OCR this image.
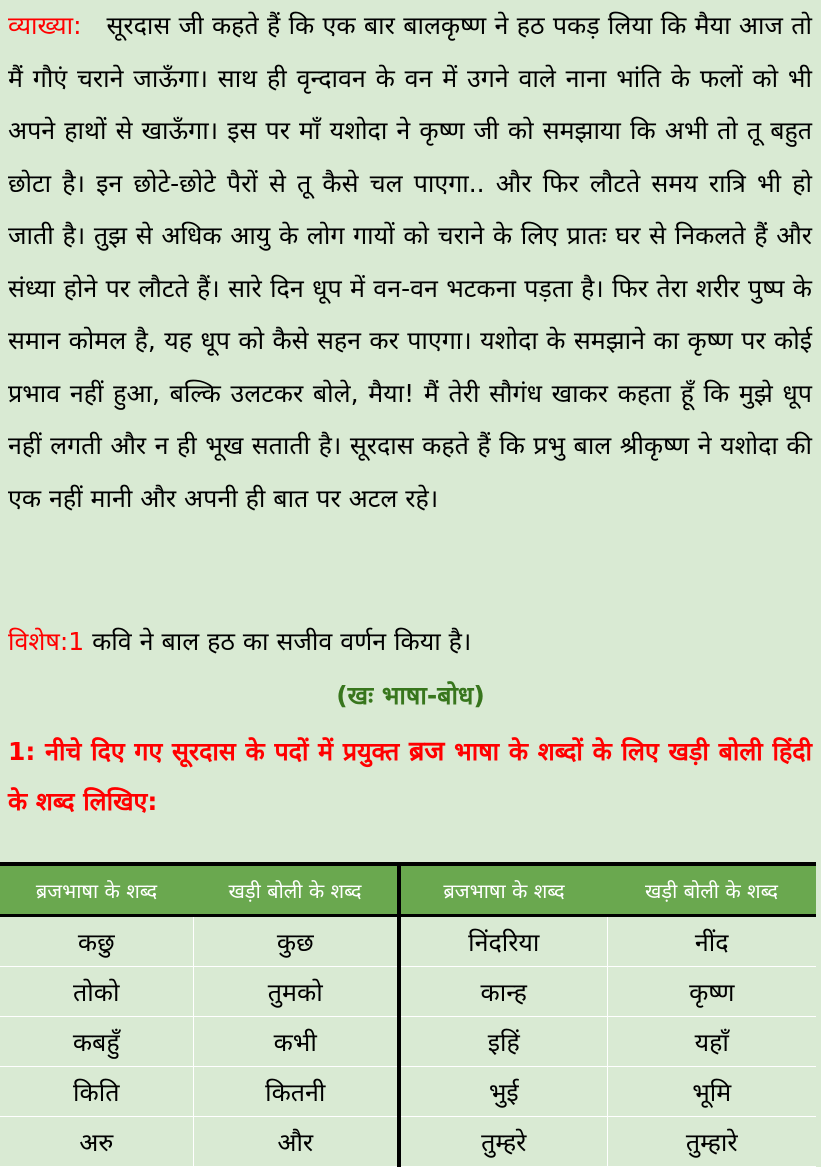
व्याख्या: सूरदास जी कहते हैं कि एक बार बालकृष्ण ने हठ पकड़ लिया कि मैया आज तो मैं गौएं चराने जाऊँगा। साथ ही वृन्दावन के वन में उगने वाले नाना भांति के फलों को भी अपने हाथों से खाऊँगा। इस पर माँ यशोदा ने कृष्ण जी को समझाया कि अभी तो तू बहुत छोटा है। इन छोटे-छोटे पैरों से तू कैसे चल पाएगा.. और फिर लौटते समय रात्रि भी हो जाती है। तुझ से अधिक आयु के लोग गायों को चराने के लिए प्रातः घर से निकलते हैं और संध्या होने पर लौटते हैं। सारे दिन धूप में वन-वन भटकना पड़ता है। फिर तेरा शरीर पुष्प के समान कोमल है, यह धूप को कैसे सहन कर पाएगा। यशोदा के समझाने का कृष्ण पर कोई प्रभाव नहीं हुआ, बल्कि उलटकर बोले, मैया! मैं तेरी सौगंध खाकर कहता हूँ कि मुझे धूप नहीं लगती और न ही भूख सताती है। सूरदास कहते हैं कि प्रभु बाल श्रीकृष्ण ने यशोदा की एक नहीं मानी और अपनी ही बात पर अटल रहे।

विशेष:1 कवि ने बाल हठ का सजीव वर्णन किया है।

(खः भाषा-बोध)

1: नीचे दिए गए सूरदास के पदों में प्रयुक्त ब्रज भाषा के शब्दों के लिए खड़ी बोली हिंदी के शब्द लिखिए:

ब्रजभाषा के शब्द	खड़ी बोली के शब्द	ब्रजभाषा के शब्द	खड़ी बोली के शब्द
कछु	कुछ	निंदरिया	नींद
तोको	तुमको	कान्ह	कृष्ण
कबहुँ	कभी	इहिं	यहाँ
किति	कितनी	भुई	भूमि
अरु	और	तुम्हरे	तुम्हारे
